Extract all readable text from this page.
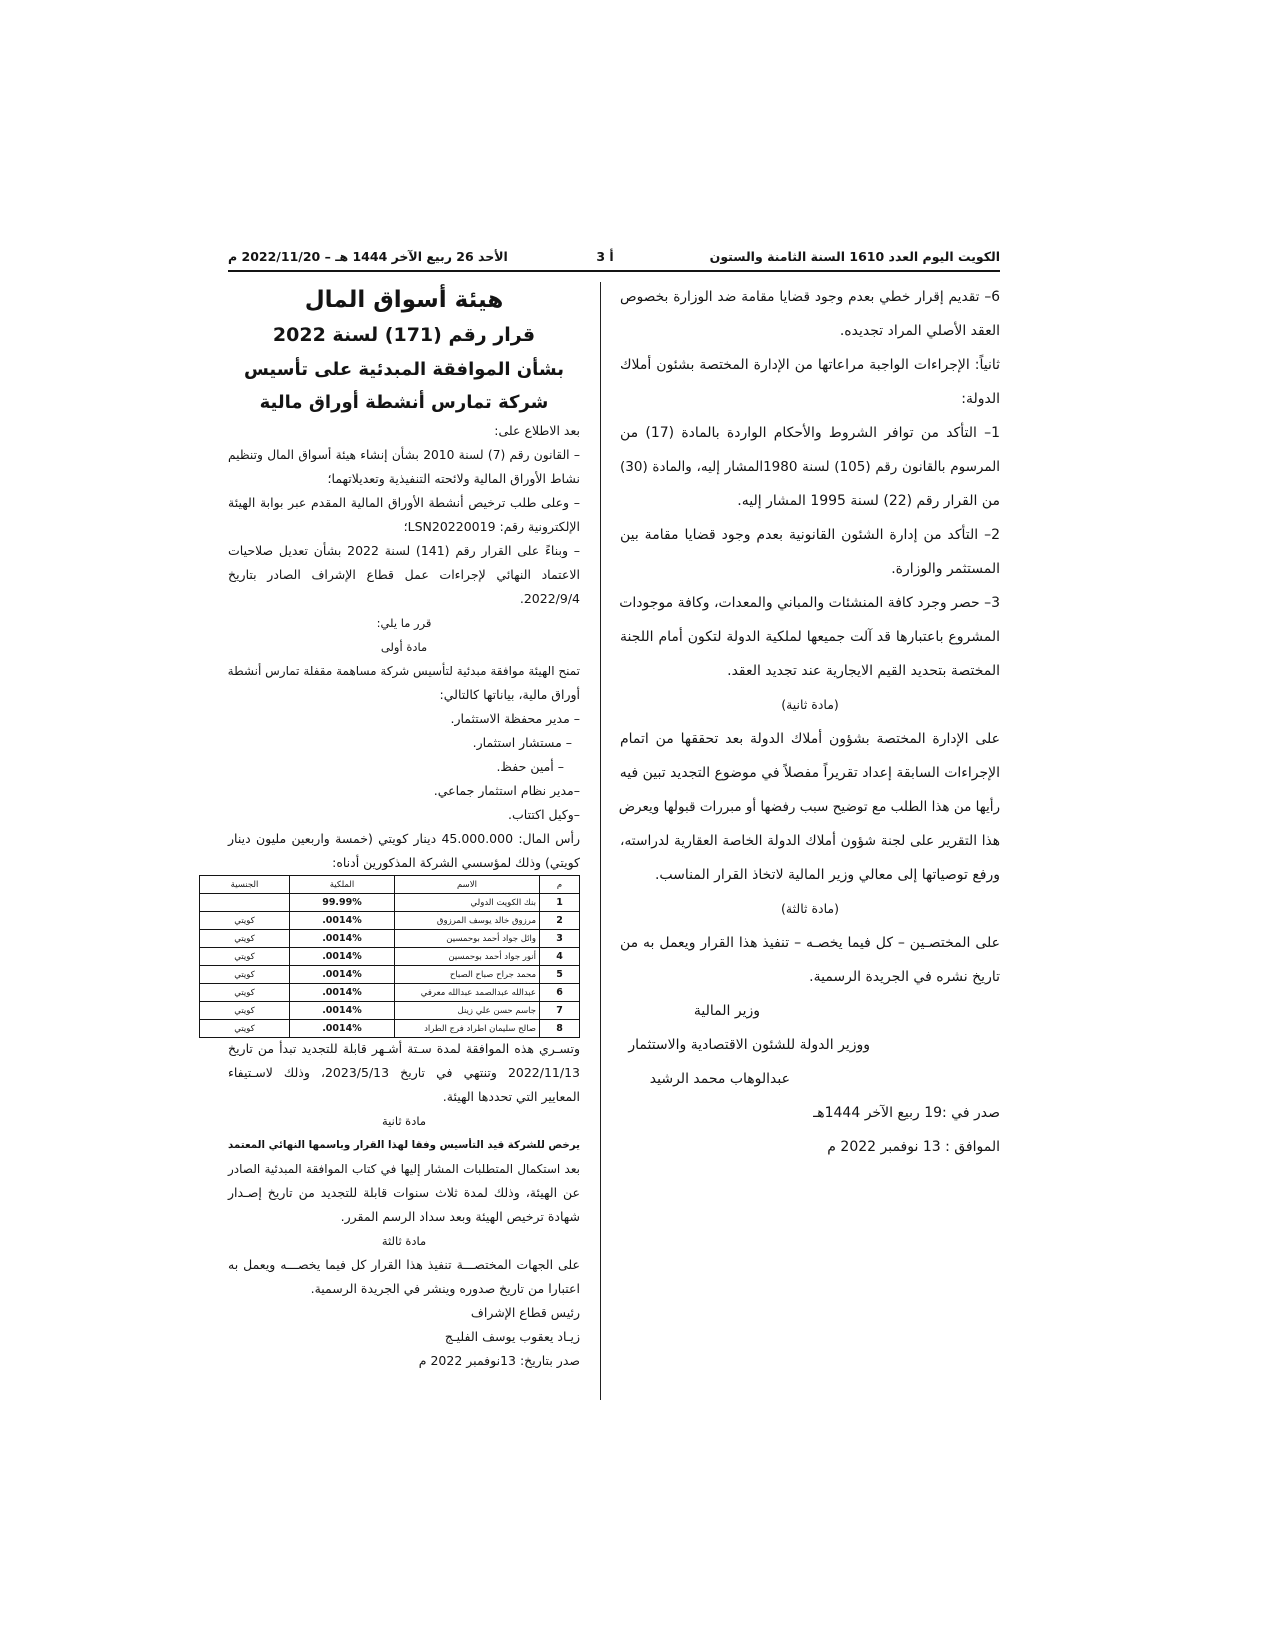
الكويت اليوم العدد 1610 السنة الثامنة والستون
أ 3
الأحد 26 ربيع الآخر 1444 هـ – 2022/11/20 م
6– تقديم إقرار خطي بعدم وجود قضايا مقامة ضد الوزارة بخصوص
العقد الأصلي المراد تجديده.
ثانياً: الإجراءات الواجبة مراعاتها من الإدارة المختصة بشئون أملاك
الدولة:
1– التأكد من توافر الشروط والأحكام الواردة بالمادة (17) من
المرسوم بالقانون رقم (105) لسنة 1980المشار إليه، والمادة (30)
من القرار رقم (22) لسنة 1995 المشار إليه.
2– التأكد من إدارة الشئون القانونية بعدم وجود قضايا مقامة بين
المستثمر والوزارة.
3– حصر وجرد كافة المنشئات والمباني والمعدات، وكافة موجودات
المشروع باعتبارها قد آلت جميعها لملكية الدولة لتكون أمام اللجنة
المختصة بتحديد القيم الايجارية عند تجديد العقد.
(مادة ثانية)
على الإدارة المختصة بشؤون أملاك الدولة بعد تحققها من اتمام
الإجراءات السابقة إعداد تقريراً مفصلاً في موضوع التجديد تبين فيه
رأيها من هذا الطلب مع توضيح سبب رفضها أو مبررات قبولها ويعرض
هذا التقرير على لجنة شؤون أملاك الدولة الخاصة العقارية لدراسته،
ورفع توصياتها إلى معالي وزير المالية لاتخاذ القرار المناسب.
(مادة ثالثة)
على المختصـين – كل فيما يخصـه – تنفيذ هذا القرار ويعمل به من
تاريخ نشره في الجريدة الرسمية.
وزير المالية
ووزير الدولة للشئون الاقتصادية والاستثمار
عبدالوهاب محمد الرشيد
صدر في :19 ربيع الآخر 1444هـ
الموافق : 13 نوفمبر 2022 م
هيئة أسواق المال
قرار رقم (171) لسنة 2022
بشأن الموافقة المبدئية على تأسيس
شركة تمارس أنشطة أوراق مالية
بعد الاطلاع على:
– القانون رقم (7) لسنة 2010 بشأن إنشاء هيئة أسواق المال وتنظيم
نشاط الأوراق المالية ولائحته التنفيذية وتعديلاتهما؛
– وعلى طلب ترخيص أنشطة الأوراق المالية المقدم عبر بوابة الهيئة
الإلكترونية رقم: LSN20220019؛
– وبناءً على القرار رقم (141) لسنة 2022 بشأن تعديل صلاحيات
الاعتماد النهائي لإجراءات عمل قطاع الإشراف الصادر بتاريخ
2022/9/4.
قرر ما يلي:
مادة أولى
تمنح الهيئة موافقة مبدئية لتأسيس شركة مساهمة مقفلة تمارس أنشطة
أوراق مالية، بياناتها كالتالي:
– مدير محفظة الاستثمار.
– مستشار استثمار.
– أمين حفظ.
–مدير نظام استثمار جماعي.
–وكيل اكتتاب.
رأس المال: 45.000.000 دينار كويتي (خمسة واربعين مليون دينار
كويتي) وذلك لمؤسسي الشركة المذكورين أدناه:
م	الاسم	الملكية	الجنسية

1	بنك الكويت الدولي	99.99%	

2	مرزوق خالد يوسف المرزوق	.0014%	كويتي

3	وائل جواد أحمد بوحمسين	.0014%	كويتي

4	أنور جواد أحمد بوحمسين	.0014%	كويتي

5	محمد جراح صباح الصباح	.0014%	كويتي

6	عبدالله عبدالصمد عبدالله معرفي	.0014%	كويتي

7	جاسم حسن علي زينل	.0014%	كويتي

8	صالح سليمان اطراد فرج الطراد	.0014%	كويتي
وتسـري هذه الموافقة لمدة سـتة أشـهر قابلة للتجديد تبدأ من تاريخ
2022/11/13 وتنتهي في تاريخ 2023/5/13، وذلك لاسـتيفاء
المعايير التي تحددها الهيئة.
مادة ثانية
يرخص للشركة قيد التأسيس وفقا لهذا القرار وباسمها النهائي المعتمد
بعد استكمال المتطلبات المشار إليها في كتاب الموافقة المبدئية الصادر
عن الهيئة، وذلك لمدة ثلاث سنوات قابلة للتجديد من تاريخ إصـدار
شهادة ترخيص الهيئة وبعد سداد الرسم المقرر.
مادة ثالثة
على الجهات المختصـــة تنفيذ هذا القرار كل فيما يخصـــه ويعمل به
اعتبارا من تاريخ صدوره وينشر في الجريدة الرسمية.
رئيس قطاع الإشراف
زيـاد يعقوب يوسف الفليـج
صدر بتاريخ: 13نوفمبر 2022 م
